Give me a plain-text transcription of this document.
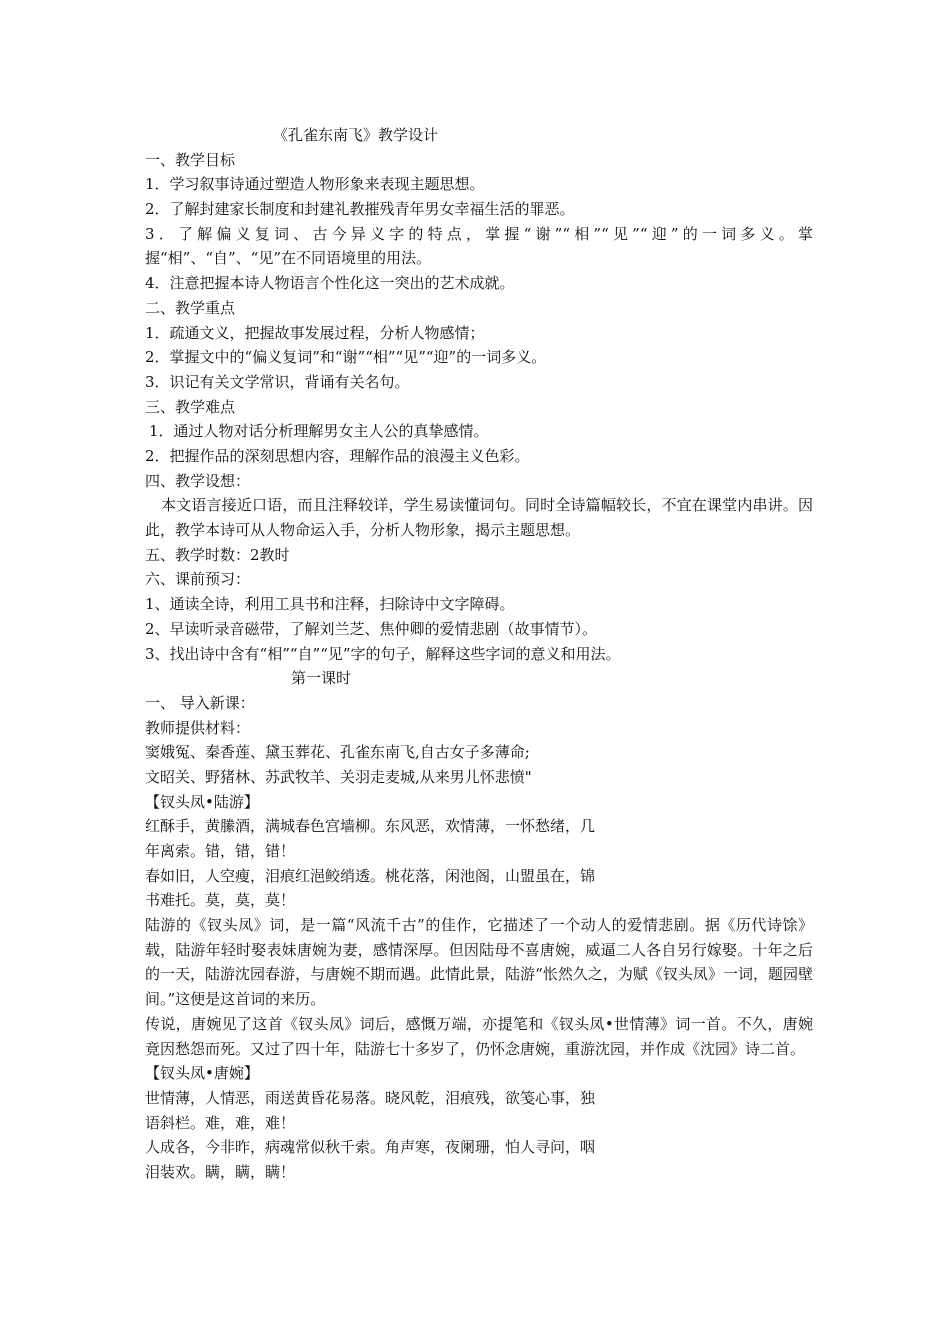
《孔雀东南飞》教学设计
一、教学目标
1．学习叙事诗通过塑造人物形象来表现主题思想。
2．了解封建家长制度和封建礼教摧残青年男女幸福生活的罪恶。
3．了解偏义复词、古今异义字的特点，掌握“谢”“相”“见”“迎”的一词多义。掌握“相”、“自”、“见”在不同语境里的用法。
4．注意把握本诗人物语言个性化这一突出的艺术成就。
二、教学重点
1．疏通文义，把握故事发展过程，分析人物感情；
2．掌握文中的“偏义复词”和“谢”“相”“见”“迎”的一词多义。
3．识记有关文学常识，背诵有关名句。
三、教学难点
1．通过人物对话分析理解男女主人公的真挚感情。
2．把握作品的深刻思想内容，理解作品的浪漫主义色彩。
四、教学设想：
本文语言接近口语，而且注释较详，学生易读懂词句。同时全诗篇幅较长，不宜在课堂内串讲。因此，教学本诗可从人物命运入手，分析人物形象，揭示主题思想。
五、教学时数：2教时
六、课前预习：
1、通读全诗，利用工具书和注释，扫除诗中文字障碍。
2、早读听录音磁带，了解刘兰芝、焦仲卿的爱情悲剧（故事情节）。
3、找出诗中含有“相”“自”“见”字的句子，解释这些字词的意义和用法。
第一课时
一、 导入新课：
教师提供材料：
窦娥冤、秦香莲、黛玉葬花、孔雀东南飞,自古女子多薄命;
文昭关、野猪林、苏武牧羊、关羽走麦城,从来男儿怀悲愤"
【钗头凤•陆游】
红酥手，黄縢酒，满城春色宫墙柳。东风恶，欢情薄，一怀愁绪，几
年离索。错，错，错！
春如旧，人空瘦，泪痕红浥鲛绡透。桃花落，闲池阁，山盟虽在，锦
书难托。莫，莫，莫！
陆游的《钗头凤》词，是一篇“风流千古”的佳作，它描述了一个动人的爱情悲剧。据《历代诗馀》载，陆游年轻时娶表妹唐婉为妻，感情深厚。但因陆母不喜唐婉，威逼二人各自另行嫁娶。十年之后的一天，陆游沈园春游，与唐婉不期而遇。此情此景，陆游“怅然久之，为赋《钗头凤》一词，题园壁间。”这便是这首词的来历。
传说，唐婉见了这首《钗头凤》词后，感慨万端，亦提笔和《钗头凤•世情薄》词一首。不久，唐婉竟因愁怨而死。又过了四十年，陆游七十多岁了，仍怀念唐婉，重游沈园，并作成《沈园》诗二首。
【钗头凤•唐婉】
世情薄，人情恶，雨送黄昏花易落。晓风乾，泪痕残，欲笺心事，独
语斜栏。难，难，难！
人成各，今非昨，病魂常似秋千索。角声寒，夜阑珊，怕人寻问，咽
泪装欢。瞒，瞒，瞒！
